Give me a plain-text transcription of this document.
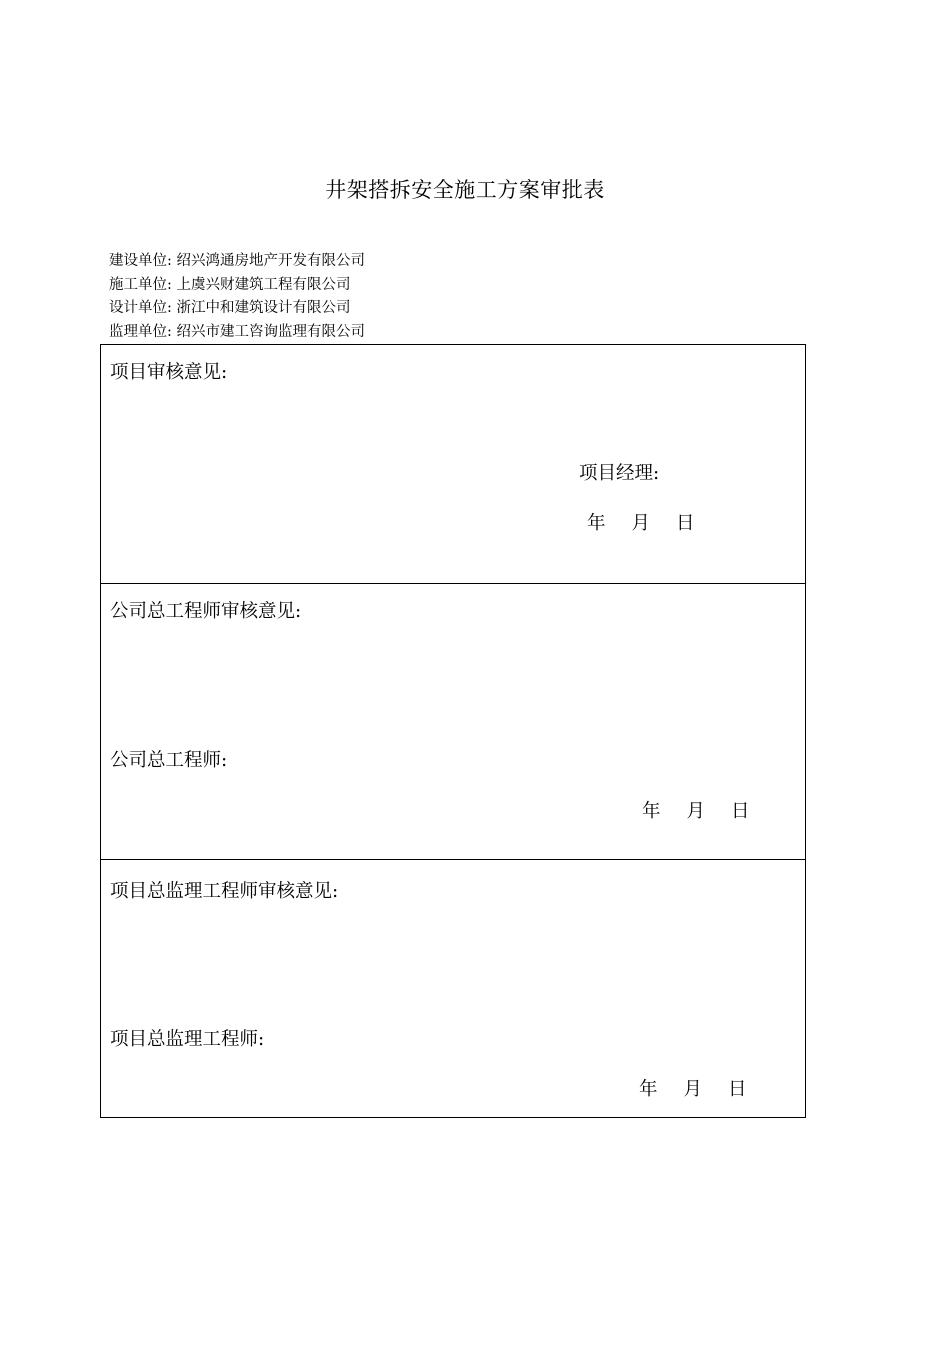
井架搭拆安全施工方案审批表
建设单位: 绍兴鸿通房地产开发有限公司
施工单位: 上虞兴财建筑工程有限公司
设计单位: 浙江中和建筑设计有限公司
监理单位: 绍兴市建工咨询监理有限公司
项目审核意见:
项目经理:
年 月 日
公司总工程师审核意见:
公司总工程师:
年 月 日
项目总监理工程师审核意见:
项目总监理工程师:
年 月 日
